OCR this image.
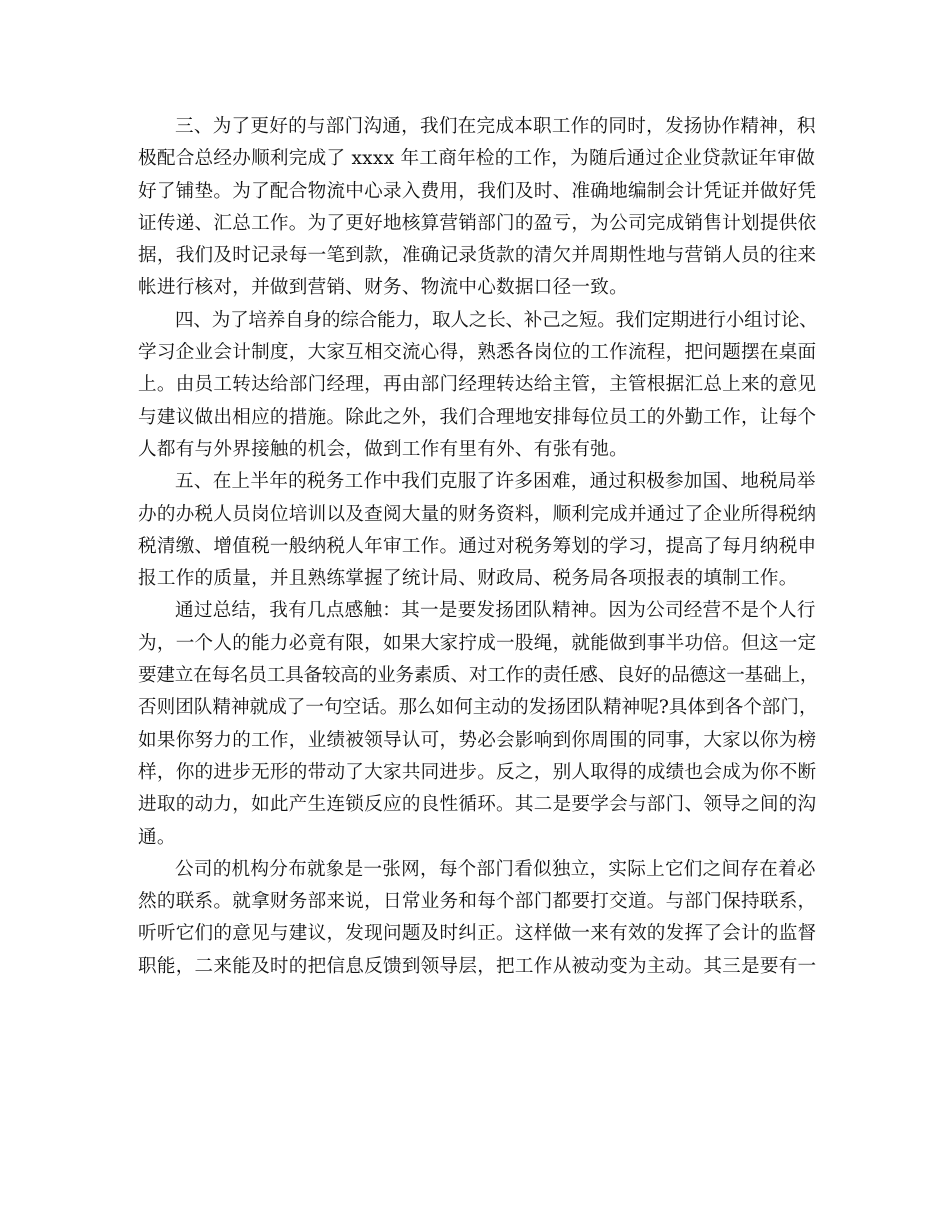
三、为了更好的与部门沟通，我们在完成本职工作的同时，发扬协作精神，积
极配合总经办顺利完成了 xxxx 年工商年检的工作，为随后通过企业贷款证年审做
好了铺垫。为了配合物流中心录入费用，我们及时、准确地编制会计凭证并做好凭
证传递、汇总工作。为了更好地核算营销部门的盈亏，为公司完成销售计划提供依
据，我们及时记录每一笔到款，准确记录货款的清欠并周期性地与营销人员的往来
帐进行核对，并做到营销、财务、物流中心数据口径一致。
四、为了培养自身的综合能力，取人之长、补己之短。我们定期进行小组讨论、
学习企业会计制度，大家互相交流心得，熟悉各岗位的工作流程，把问题摆在桌面
上。由员工转达给部门经理，再由部门经理转达给主管，主管根据汇总上来的意见
与建议做出相应的措施。除此之外，我们合理地安排每位员工的外勤工作，让每个
人都有与外界接触的机会，做到工作有里有外、有张有弛。
五、在上半年的税务工作中我们克服了许多困难，通过积极参加国、地税局举
办的办税人员岗位培训以及查阅大量的财务资料，顺利完成并通过了企业所得税纳
税清缴、增值税一般纳税人年审工作。通过对税务筹划的学习，提高了每月纳税申
报工作的质量，并且熟练掌握了统计局、财政局、税务局各项报表的填制工作。
通过总结，我有几点感触：其一是要发扬团队精神。因为公司经营不是个人行
为，一个人的能力必竟有限，如果大家拧成一股绳，就能做到事半功倍。但这一定
要建立在每名员工具备较高的业务素质、对工作的责任感、良好的品德这一基础上，
否则团队精神就成了一句空话。那么如何主动的发扬团队精神呢?具体到各个部门，
如果你努力的工作，业绩被领导认可，势必会影响到你周围的同事，大家以你为榜
样，你的进步无形的带动了大家共同进步。反之，别人取得的成绩也会成为你不断
进取的动力，如此产生连锁反应的良性循环。其二是要学会与部门、领导之间的沟
通。
公司的机构分布就象是一张网，每个部门看似独立，实际上它们之间存在着必
然的联系。就拿财务部来说，日常业务和每个部门都要打交道。与部门保持联系，
听听它们的意见与建议，发现问题及时纠正。这样做一来有效的发挥了会计的监督
职能，二来能及时的把信息反馈到领导层，把工作从被动变为主动。其三是要有一
